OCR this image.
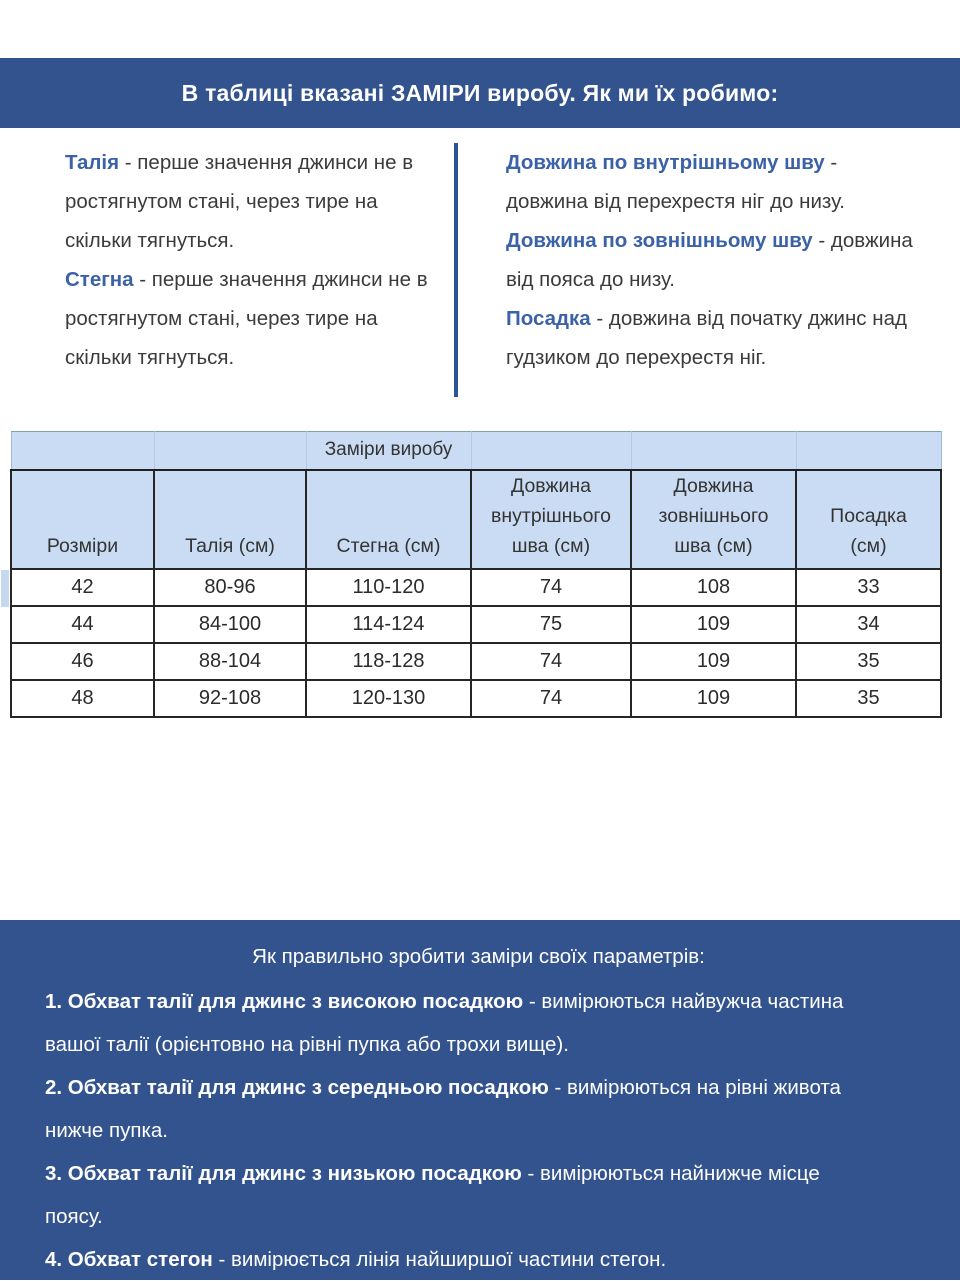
В таблиці вказані ЗАМІРИ виробу. Як ми їх робимо:

Талія - перше значення джинси не в ростягнутом стані, через тире на скільки тягнуться.

Стегна - перше значення джинси не в ростягнутом стані, через тире на скільки тягнуться.

Довжина по внутрішньому шву - довжина від перехрестя ніг до низу.

Довжина по зовнішньому шву - довжина від пояса до низу.

Посадка - довжина від початку джинс над гудзиком до перехрестя ніг.

		Заміри виробу			
Розміри	Талія (см)	Стегна (см)	Довжина внутрішнього шва (см)	Довжина зовнішнього шва (см)	Посадка (см)
42	80-96	110-120	74	108	33
44	84-100	114-124	75	109	34
46	88-104	118-128	74	109	35
48	92-108	120-130	74	109	35

Як правильно зробити заміри своїх параметрів:

1. Обхват талії для джинс з високою посадкою - вимірюються найвужча частина вашої талії (орієнтовно на рівні пупка або трохи вище).

2. Обхват талії для джинс з середньою посадкою - вимірюються на рівні живота нижче пупка.

3. Обхват талії для джинс з низькою посадкою - вимірюються найнижче місце поясу.

4. Обхват стегон - вимірюється лінія найширшої частини стегон.
